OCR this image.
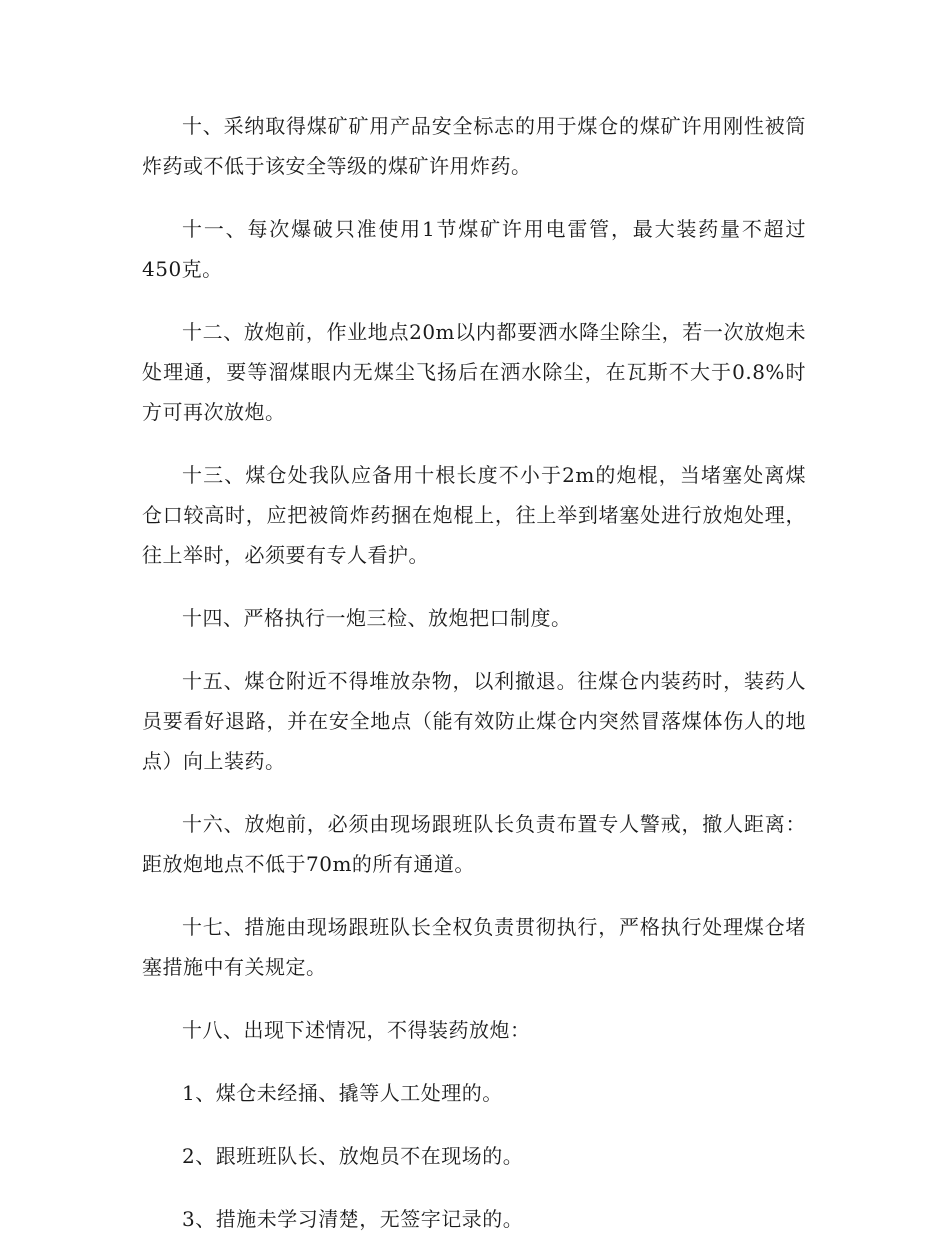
十、采纳取得煤矿矿用产品安全标志的用于煤仓的煤矿许用刚性被筒炸药或不低于该安全等级的煤矿许用炸药。

十一、每次爆破只准使用1节煤矿许用电雷管，最大装药量不超过450克。

十二、放炮前，作业地点20m以内都要洒水降尘除尘，若一次放炮未处理通，要等溜煤眼内无煤尘飞扬后在洒水除尘，在瓦斯不大于0.8%时方可再次放炮。

十三、煤仓处我队应备用十根长度不小于2m的炮棍，当堵塞处离煤仓口较高时，应把被筒炸药捆在炮棍上，往上举到堵塞处进行放炮处理，往上举时，必须要有专人看护。

十四、严格执行一炮三检、放炮把口制度。

十五、煤仓附近不得堆放杂物，以利撤退。往煤仓内装药时，装药人员要看好退路，并在安全地点（能有效防止煤仓内突然冒落煤体伤人的地点）向上装药。

十六、放炮前，必须由现场跟班队长负责布置专人警戒，撤人距离：距放炮地点不低于70m的所有通道。

十七、措施由现场跟班队长全权负责贯彻执行，严格执行处理煤仓堵塞措施中有关规定。

十八、出现下述情况，不得装药放炮：

1、煤仓未经捅、撬等人工处理的。

2、跟班班队长、放炮员不在现场的。

3、措施未学习清楚，无签字记录的。
